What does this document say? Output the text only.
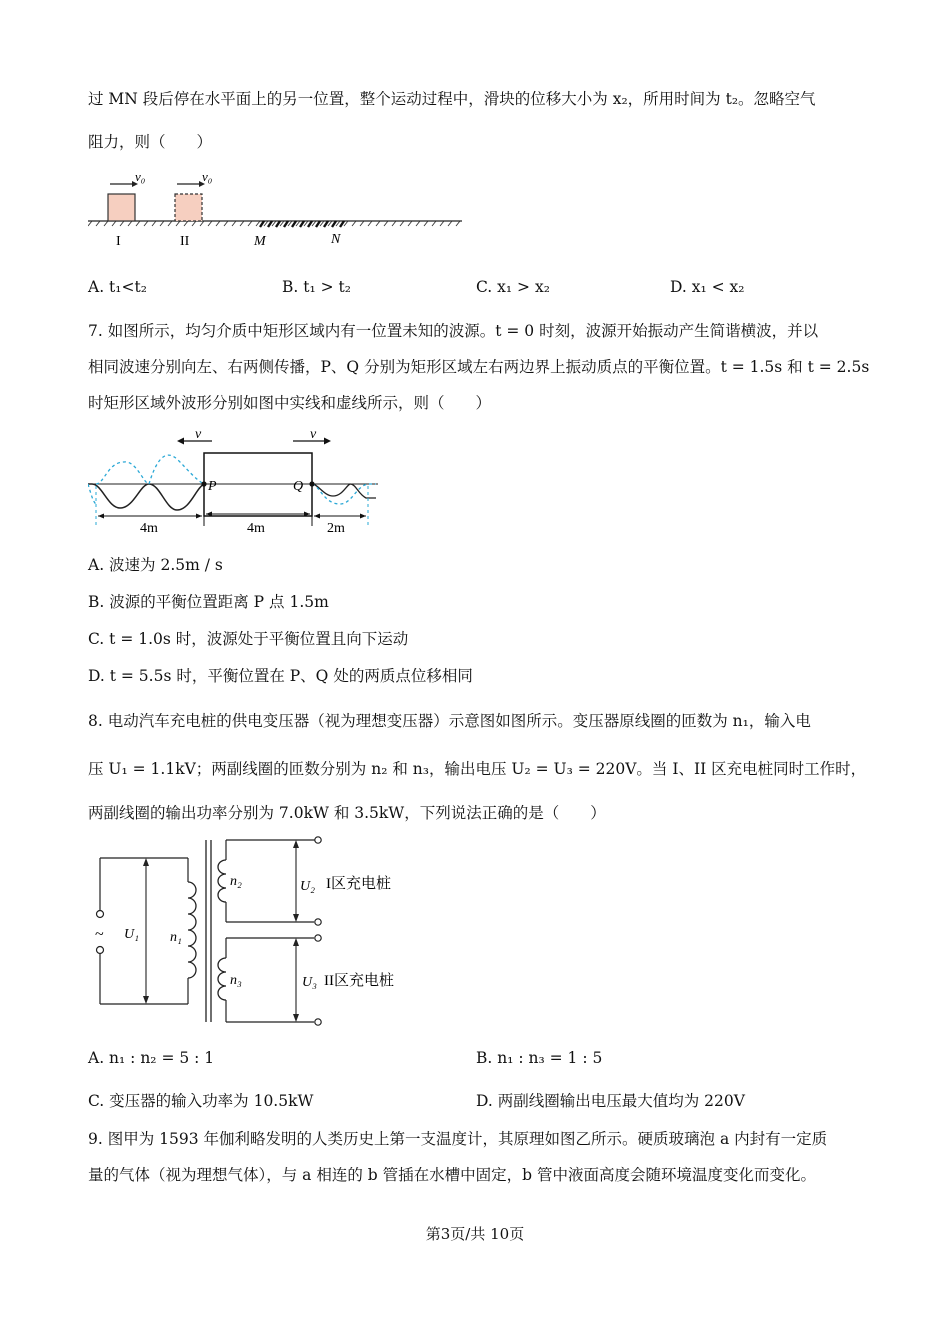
过 MN 段后停在水平面上的另一位置，整个运动过程中，滑块的位移大小为 x₂，所用时间为 t₂。忽略空气
阻力，则（　　）
v₀	v₀
I	II	M	N
A. t₁<t₂	B. t₁ > t₂	C. x₁ > x₂	D. x₁ < x₂
7. 如图所示，均匀介质中矩形区域内有一位置未知的波源。t = 0 时刻，波源开始振动产生简谐横波，并以
相同波速分别向左、右两侧传播，P、Q 分别为矩形区域左右两边界上振动质点的平衡位置。t = 1.5s 和 t = 2.5s
时矩形区域外波形分别如图中实线和虚线所示，则（　　）
v	v
P	Q
4m	4m	2m
A. 波速为 2.5m / s
B. 波源的平衡位置距离 P 点 1.5m
C. t = 1.0s 时，波源处于平衡位置且向下运动
D. t = 5.5s 时，平衡位置在 P、Q 处的两质点位移相同
8. 电动汽车充电桩的供电变压器（视为理想变压器）示意图如图所示。变压器原线圈的匝数为 n₁，输入电
压 U₁ = 1.1kV；两副线圈的匝数分别为 n₂ 和 n₃，输出电压 U₂ = U₃ = 220V。当 I、II 区充电桩同时工作时，
两副线圈的输出功率分别为 7.0kW 和 3.5kW，下列说法正确的是（　　）
~ U₁ n₁
n₂	U₂ I区充电桩
n₃	U₃ II区充电桩
A. n₁ : n₂ = 5 : 1	B. n₁ : n₃ = 1 : 5
C. 变压器的输入功率为 10.5kW	D. 两副线圈输出电压最大值均为 220V
9. 图甲为 1593 年伽利略发明的人类历史上第一支温度计，其原理如图乙所示。硬质玻璃泡 a 内封有一定质
量的气体（视为理想气体），与 a 相连的 b 管插在水槽中固定，b 管中液面高度会随环境温度变化而变化。
第3页/共 10页
